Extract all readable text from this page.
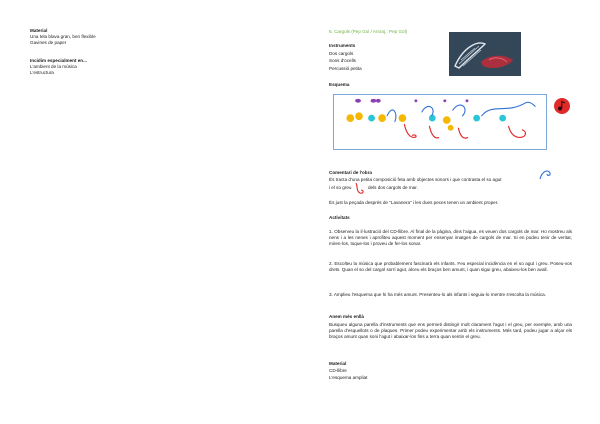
Material
Una tela blava gran, ben flexible
Gavines de paper
Incidim especialment en...
L'ambient de la música
L'estructura
5. Cargols (Pep Gol / Arranj.: Pep Gol)
Instruments
Dos cargols
Sons d'ocells
Percussió petita
Esquema
Comentari de l'obra
És tracta d'una petita composició feta amb objectes sonors i que contrasta el so agut
i el so greu	dels dos cargols de mar.
És just la peçada després de "Lavanera" i les dues peces tenen un ambient proper.
Activitats
1. Observeu la il·lustració del CD-llibre. Al final de la pàgina, dins l'aigua, es veuen dos cargols de mar. Ho mostreu als nens i a les nenes i aprofiteu aquest moment per ensenyar imatges de cargols de mar. Si en podeu tenir de veritat, miren-los, toque-los i proveu de fer-los sonar.
2. Escolteu la música que probablement fascinarà els infants. Feu especial incidència en el so agut i greu. Poseu-vos drets. Quan el so del cargol sorrí agut, alceu els braços ben amunt, i quan sigui greu, abaixeu-los ben avall.
3. Amplieu l'esquema que hi ha més amunt. Presenteu-lo als infants i seguiu-lo mentre s'escolta la música.
Anem més enllà
Busqueu alguna parella d'instruments que ens permeti distingir molt clarament l'agut i el greu, per exemple, amb una parella d'esquellots o de plaques. Primer podeu experimentar amb els instruments. Més tard, podeu jugar a alçar els braços amunt quan soni l'agut i abaixar-los fins a terra quan sentin el greu.
Material
CD-llibre
L'esquema ampliat
